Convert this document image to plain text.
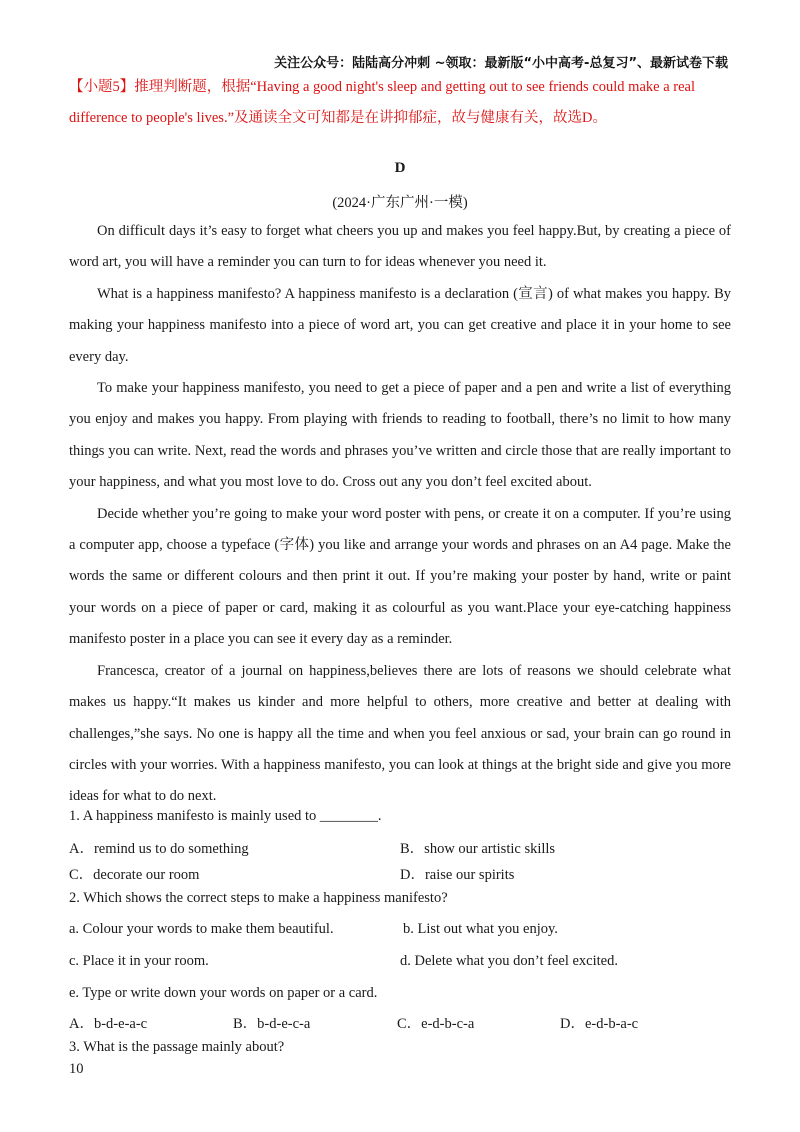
关注公众号：陆陆高分冲刺 ~领取：最新版“小中高考-总复习”、最新试卷下载

【小题5】推理判断题，根据“Having a good night's sleep and getting out to see friends could make a real difference to people's lives.”及通读全文可知都是在讲抑郁症，故与健康有关，故选D。

D

(2024·广东广州·一模)

On difficult days it’s easy to forget what cheers you up and makes you feel happy.But, by creating a piece of word art, you will have a reminder you can turn to for ideas whenever you need it.

What is a happiness manifesto? A happiness manifesto is a declaration (宣言) of what makes you happy. By making your happiness manifesto into a piece of word art, you can get creative and place it in your home to see every day.

To make your happiness manifesto, you need to get a piece of paper and a pen and write a list of everything you enjoy and makes you happy. From playing with friends to reading to football, there’s no limit to how many things you can write. Next, read the words and phrases you’ve written and circle those that are really important to your happiness, and what you most love to do. Cross out any you don’t feel excited about.

Decide whether you’re going to make your word poster with pens, or create it on a computer. If you’re using a computer app, choose a typeface (字体) you like and arrange your words and phrases on an A4 page. Make the words the same or different colours and then print it out. If you’re making your poster by hand, write or paint your words on a piece of paper or card, making it as colourful as you want.Place your eye-catching happiness manifesto poster in a place you can see it every day as a reminder.

Francesca, creator of a journal on happiness,believes there are lots of reasons we should celebrate what makes us happy.“It makes us kinder and more helpful to others, more creative and better at dealing with challenges,”she says. No one is happy all the time and when you feel anxious or sad, your brain can go round in circles with your worries. With a happiness manifesto, you can look at things at the bright side and give you more ideas for what to do next.

1. A happiness manifesto is mainly used to ________.
A．remind us to do something	B．show our artistic skills
C．decorate our room	D．raise our spirits
2. Which shows the correct steps to make a happiness manifesto?
a. Colour your words to make them beautiful.	b. List out what you enjoy.
c. Place it in your room.	d. Delete what you don’t feel excited.
e. Type or write down your words on paper or a card.
A．b-d-e-a-c	B．b-d-e-c-a	C．e-d-b-c-a	D．e-d-b-a-c
3. What is the passage mainly about?
10
